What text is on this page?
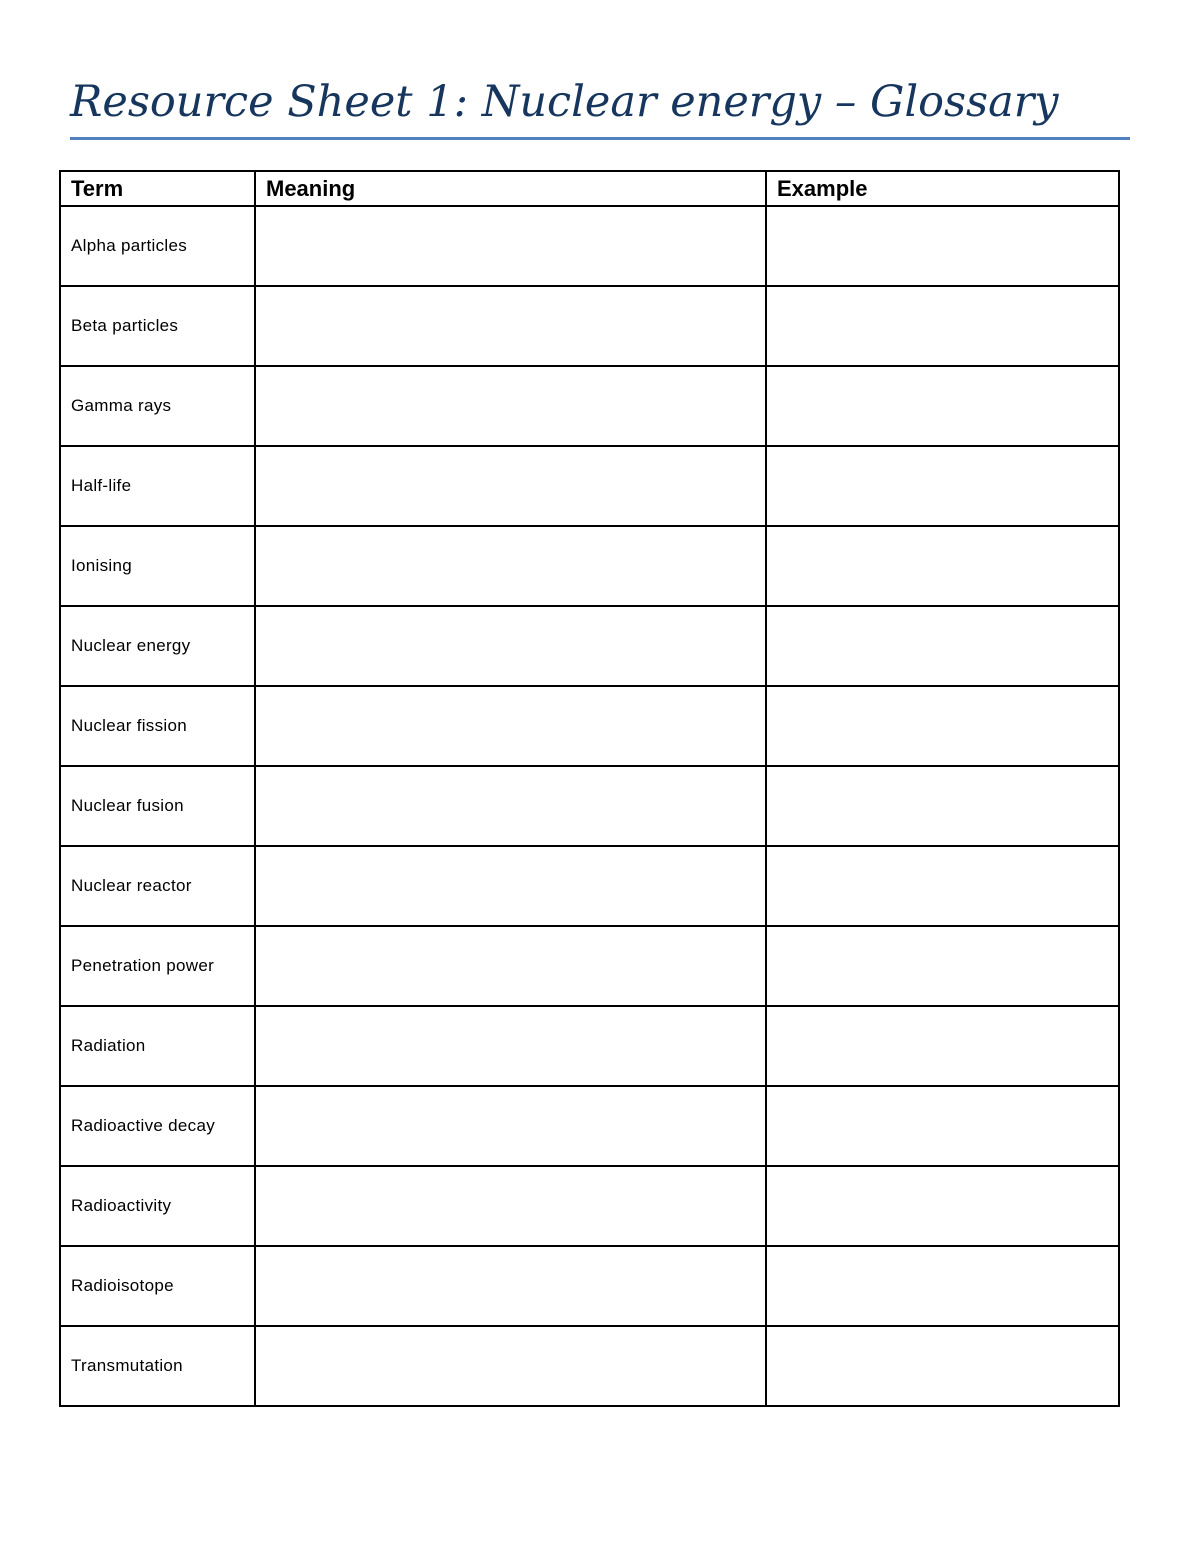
Resource Sheet 1: Nuclear energy – Glossary
Term	Meaning	Example
Alpha particles		
Beta particles		
Gamma rays		
Half-life		
Ionising		
Nuclear energy		
Nuclear fission		
Nuclear fusion		
Nuclear reactor		
Penetration power		
Radiation		
Radioactive decay		
Radioactivity		
Radioisotope		
Transmutation		
